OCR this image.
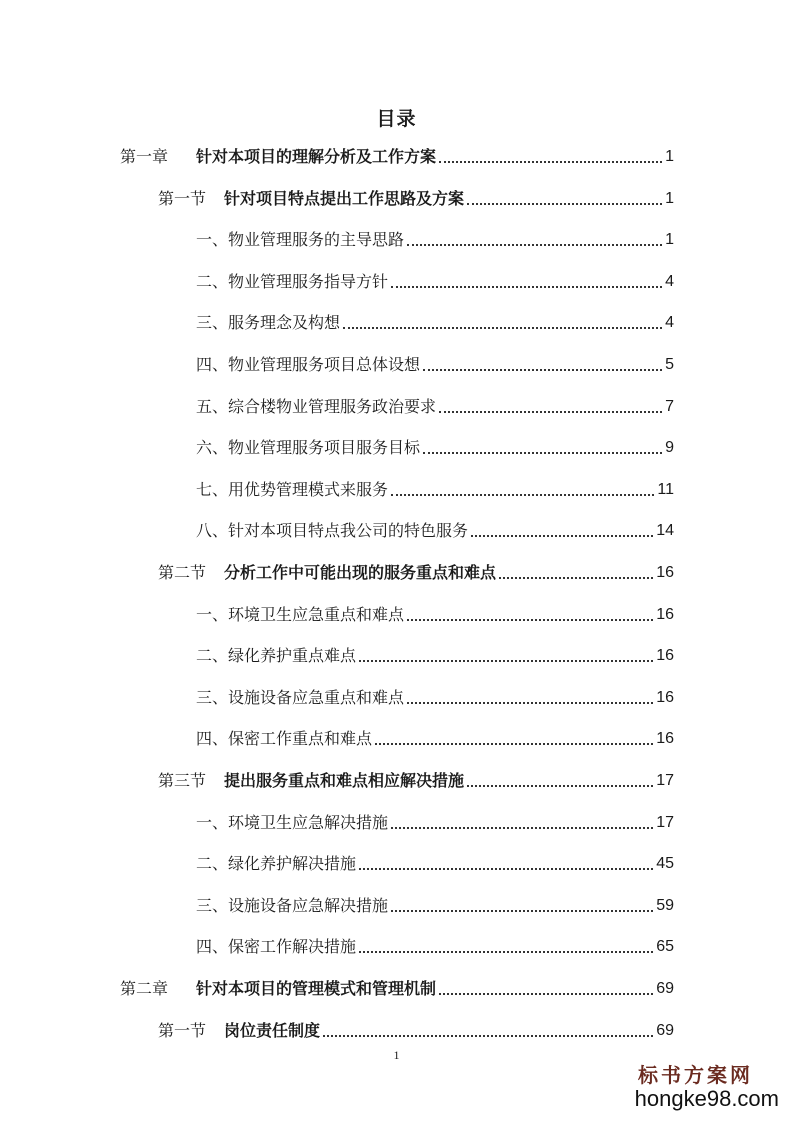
目录
第一章	针对本项目的理解分析及工作方案	1
第一节	针对项目特点提出工作思路及方案	1
一、物业管理服务的主导思路	1
二、物业管理服务指导方针	4
三、服务理念及构想	4
四、物业管理服务项目总体设想	5
五、综合楼物业管理服务政治要求	7
六、物业管理服务项目服务目标	9
七、用优势管理模式来服务	11
八、针对本项目特点我公司的特色服务	14
第二节	分析工作中可能出现的服务重点和难点	16
一、环境卫生应急重点和难点	16
二、绿化养护重点难点	16
三、设施设备应急重点和难点	16
四、保密工作重点和难点	16
第三节	提出服务重点和难点相应解决措施	17
一、环境卫生应急解决措施	17
二、绿化养护解决措施	45
三、设施设备应急解决措施	59
四、保密工作解决措施	65
第二章	针对本项目的管理模式和管理机制	69
第一节	岗位责任制度	69
1
标书方案网
hongke98.com
